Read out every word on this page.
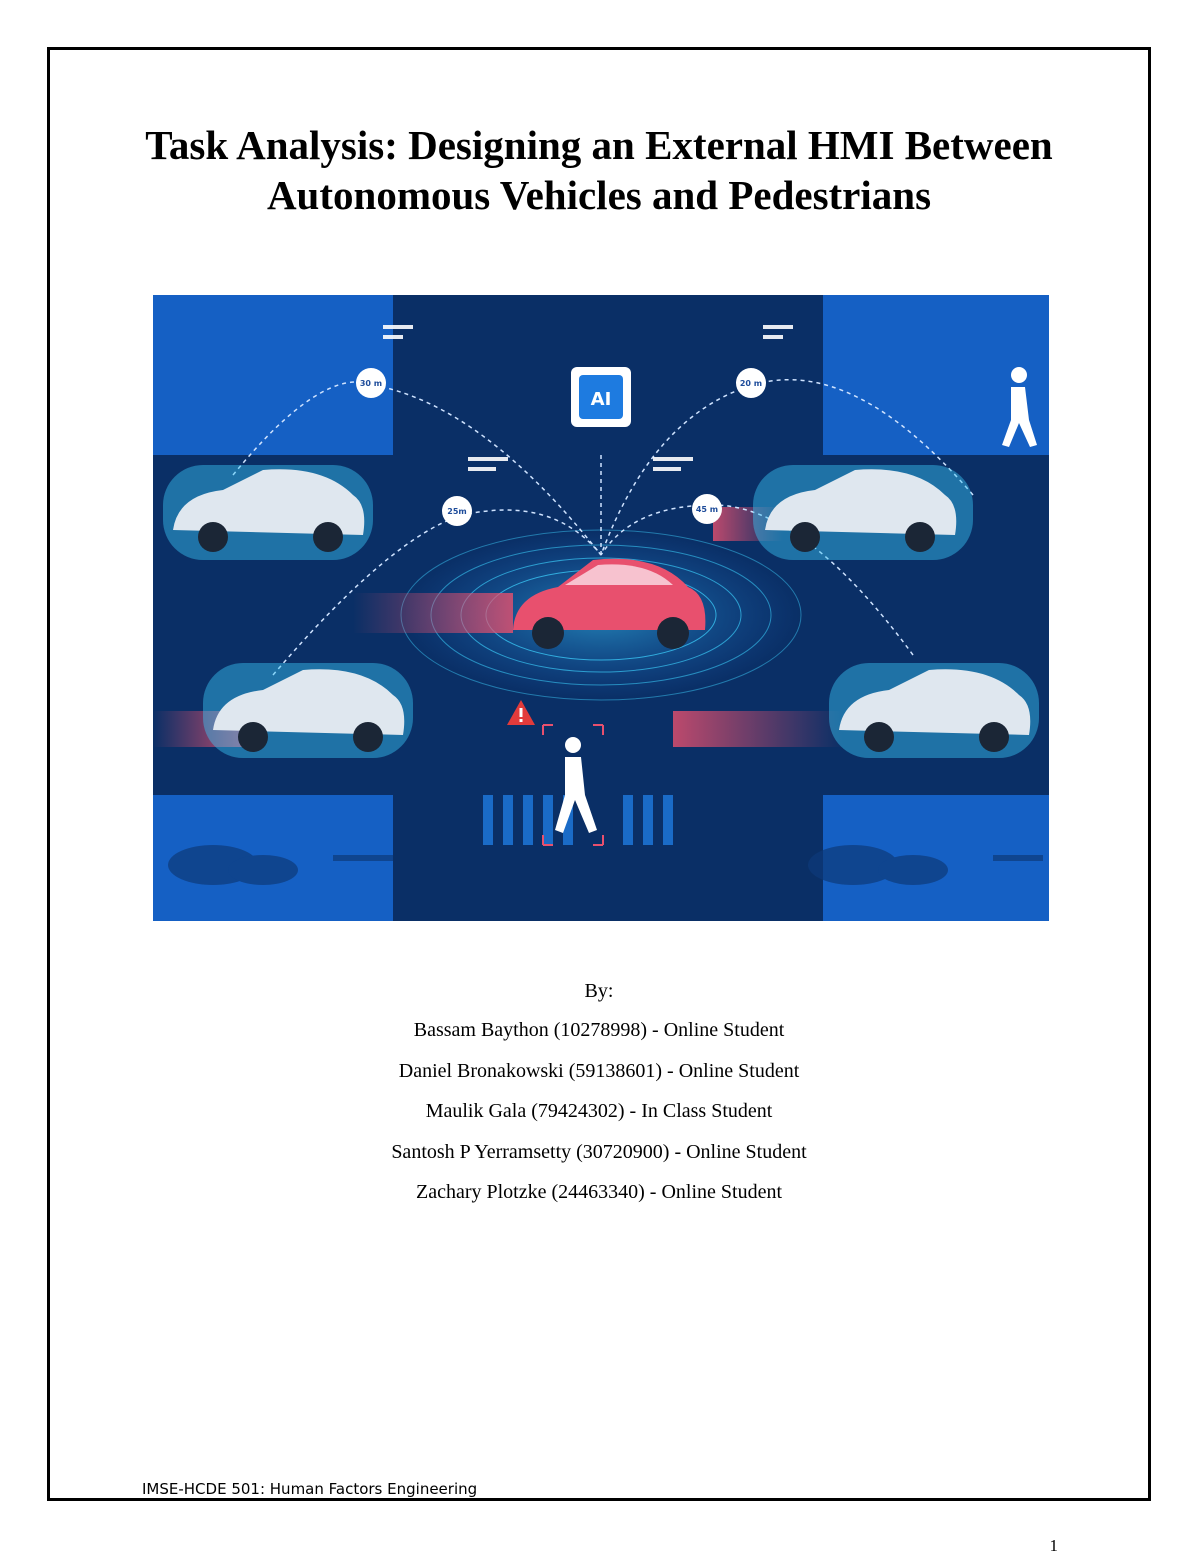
Task Analysis: Designing an External HMI Between
Autonomous Vehicles and Pedestrians
AI
30 m	20 m
25m	45 m
By:
Bassam Baython (10278998) - Online Student
Daniel Bronakowski (59138601) - Online Student
Maulik Gala (79424302) - In Class Student
Santosh P Yerramsetty (30720900) - Online Student
Zachary Plotzke (24463340) - Online Student
IMSE-HCDE 501: Human Factors Engineering
1
